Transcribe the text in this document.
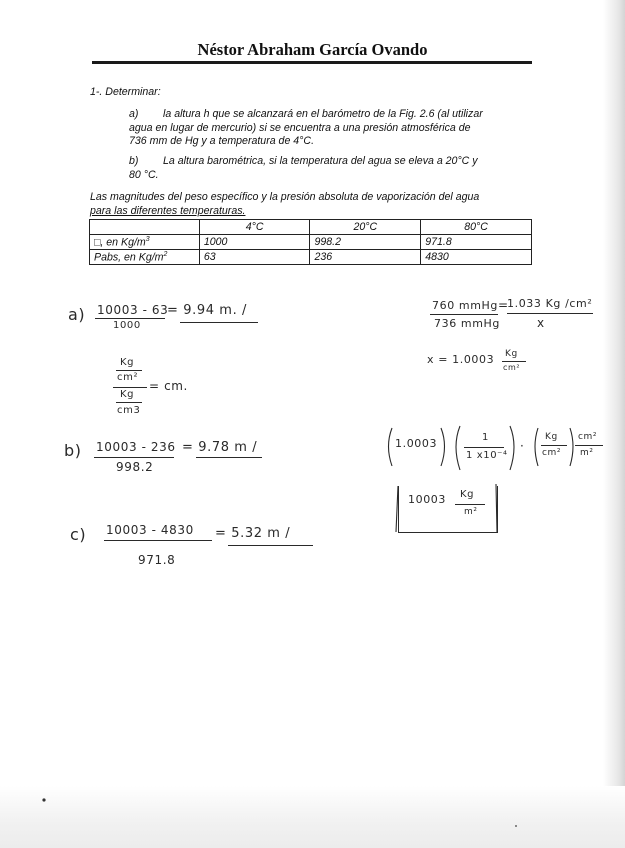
Néstor Abraham García Ovando
1-. Determinar:
a) la altura h que se alcanzará en el barómetro de la Fig. 2.6 (al utilizar
agua en lugar de mercurio) si se encuentra a una presión atmosférica de
736 mm de Hg y a temperatura de 4°C.
b) La altura barométrica, si la temperatura del agua se eleva a 20°C y
80 °C.
Las magnitudes del peso específico y la presión absoluta de vaporización del agua
para las diferentes temperaturas.
	4°C	20°C	80°C
□, en $Kg/m^3$	1000	998.2	971.8
Pabs, en $Kg/m^2$	63	236	4830
a) 10003 - 63
1000
= 9.94 m. /
Kg
cm²
= cm.
Kg
cm3
b) 10003 - 236
998.2
= 9.78 m /
c) 10003 - 4830
971.8
= 5.32 m /
760 mmHg
736 mmHg
=
1.033 Kg /cm²
x
x = 1.0003 Kg
cm²
1.0003	1
1 x10⁻⁴
·
Kg
cm²
cm²
m²
10003 Kg
m²
